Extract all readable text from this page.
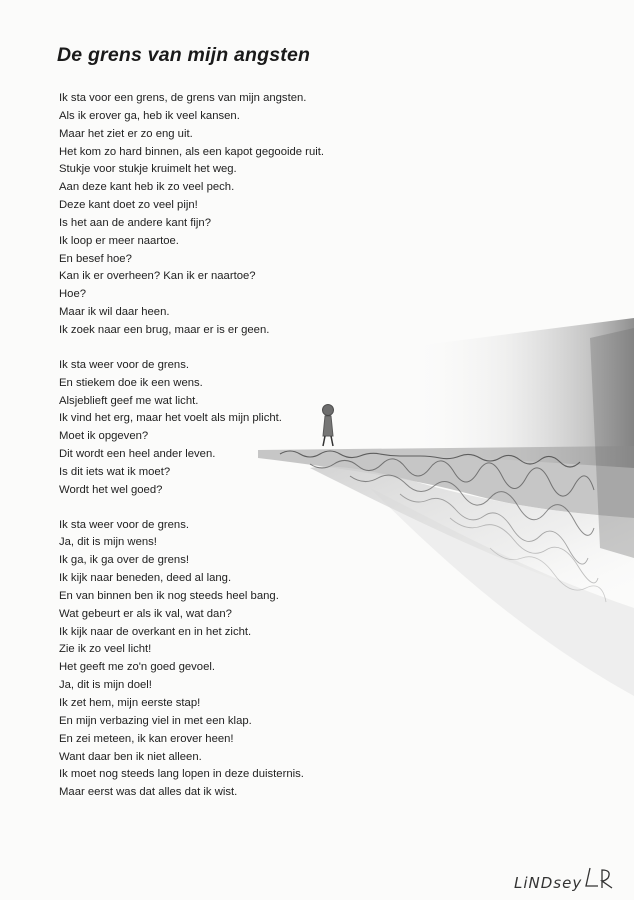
De grens van mijn angsten
Ik sta voor een grens, de grens van mijn angsten.
Als ik erover ga, heb ik veel kansen.
Maar het ziet er zo eng uit.
Het kom zo hard binnen, als een kapot gegooide ruit.
Stukje voor stukje kruimelt het weg.
Aan deze kant heb ik zo veel pech.
Deze kant doet zo veel pijn!
Is het aan de andere kant fijn?
Ik loop er meer naartoe.
En besef hoe?
Kan ik er overheen? Kan ik er naartoe?
Hoe?
Maar ik wil daar heen.
Ik zoek naar een brug, maar er is er geen.
Ik sta weer voor de grens.
En stiekem doe ik een wens.
Alsjeblieft geef me wat licht.
Ik vind het erg, maar het voelt als mijn plicht.
Moet ik opgeven?
Dit wordt een heel ander leven.
Is dit iets wat ik moet?
Wordt het wel goed?
Ik sta weer voor de grens.
Ja, dit is mijn wens!
Ik ga, ik ga over de grens!
Ik kijk naar beneden, deed al lang.
En van binnen ben ik nog steeds heel bang.
Wat gebeurt er als ik val, wat dan?
Ik kijk naar de overkant en in het zicht.
Zie ik zo veel licht!
Het geeft me zo'n goed gevoel.
Ja, dit is mijn doel!
Ik zet hem, mijn eerste stap!
En mijn verbazing viel in met een klap.
En zei meteen, ik kan erover heen!
Want daar ben ik niet alleen.
Ik moet nog steeds lang lopen in deze duisternis.
Maar eerst was dat alles dat ik wist.
LiNDsey
